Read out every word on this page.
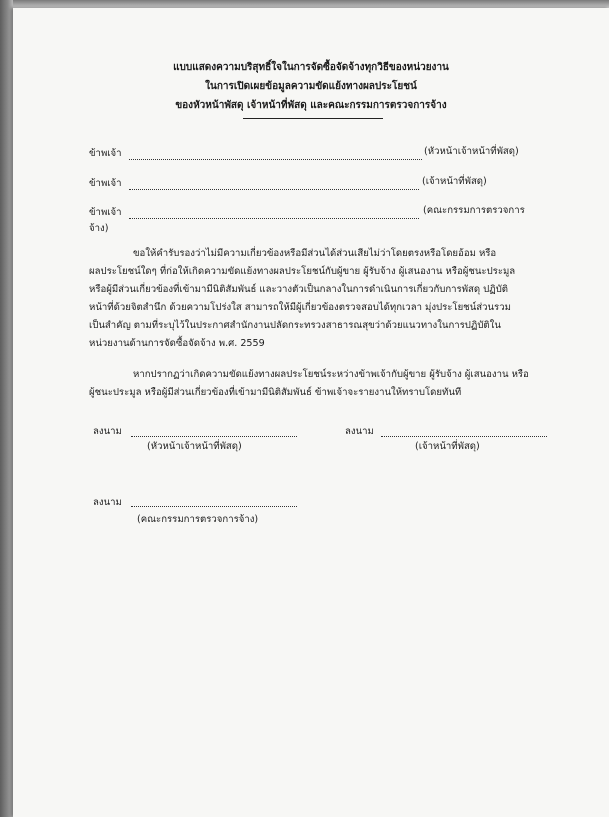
แบบแสดงความบริสุทธิ์ใจในการจัดซื้อจัดจ้างทุกวิธีของหน่วยงาน
ในการเปิดเผยข้อมูลความขัดแย้งทางผลประโยชน์
ของหัวหน้าพัสดุ เจ้าหน้าที่พัสดุ และคณะกรรมการตรวจการจ้าง
ข้าพเจ้า	(หัวหน้าเจ้าหน้าที่พัสดุ)
ข้าพเจ้า	(เจ้าหน้าที่พัสดุ)
ข้าพเจ้า	(คณะกรรมการตรวจการ
จ้าง)
ขอให้คำรับรองว่าไม่มีความเกี่ยวข้องหรือมีส่วนได้ส่วนเสียไม่ว่าโดยตรงหรือโดยอ้อม หรือ
ผลประโยชน์ใดๆ ที่ก่อให้เกิดความขัดแย้งทางผลประโยชน์กับผู้ขาย ผู้รับจ้าง ผู้เสนองาน หรือผู้ชนะประมูล
หรือผู้มีส่วนเกี่ยวข้องที่เข้ามามีนิติสัมพันธ์ และวางตัวเป็นกลางในการดำเนินการเกี่ยวกับการพัสดุ ปฏิบัติ
หน้าที่ด้วยจิตสำนึก ด้วยความโปร่งใส สามารถให้มีผู้เกี่ยวข้องตรวจสอบได้ทุกเวลา มุ่งประโยชน์ส่วนรวม
เป็นสำคัญ ตามที่ระบุไว้ในประกาศสำนักงานปลัดกระทรวงสาธารณสุขว่าด้วยแนวทางในการปฏิบัติใน
หน่วยงานด้านการจัดซื้อจัดจ้าง พ.ศ. 2559
หากปรากฏว่าเกิดความขัดแย้งทางผลประโยชน์ระหว่างข้าพเจ้ากับผู้ขาย ผู้รับจ้าง ผู้เสนองาน หรือ
ผู้ชนะประมูล หรือผู้มีส่วนเกี่ยวข้องที่เข้ามามีนิติสัมพันธ์ ข้าพเจ้าจะรายงานให้ทราบโดยทันที
ลงนาม
(หัวหน้าเจ้าหน้าที่พัสดุ)
ลงนาม
(เจ้าหน้าที่พัสดุ)
ลงนาม
(คณะกรรมการตรวจการจ้าง)
